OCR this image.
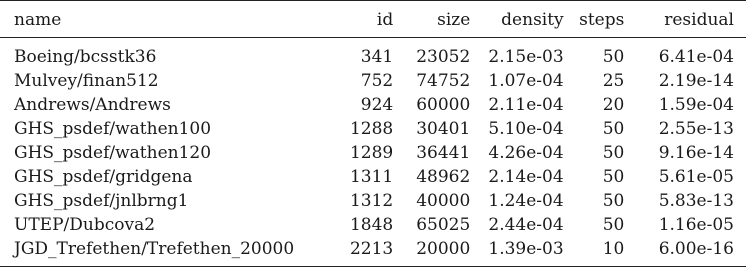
name	id	size	density	steps	residual
Boeing/bcsstk36	341	23052	2.15e-03	50	6.41e-04
Mulvey/finan512	752	74752	1.07e-04	25	2.19e-14
Andrews/Andrews	924	60000	2.11e-04	20	1.59e-04
GHS_psdef/wathen100	1288	30401	5.10e-04	50	2.55e-13
GHS_psdef/wathen120	1289	36441	4.26e-04	50	9.16e-14
GHS_psdef/gridgena	1311	48962	2.14e-04	50	5.61e-05
GHS_psdef/jnlbrng1	1312	40000	1.24e-04	50	5.83e-13
UTEP/Dubcova2	1848	65025	2.44e-04	50	1.16e-05
JGD_Trefethen/Trefethen_20000	2213	20000	1.39e-03	10	6.00e-16
